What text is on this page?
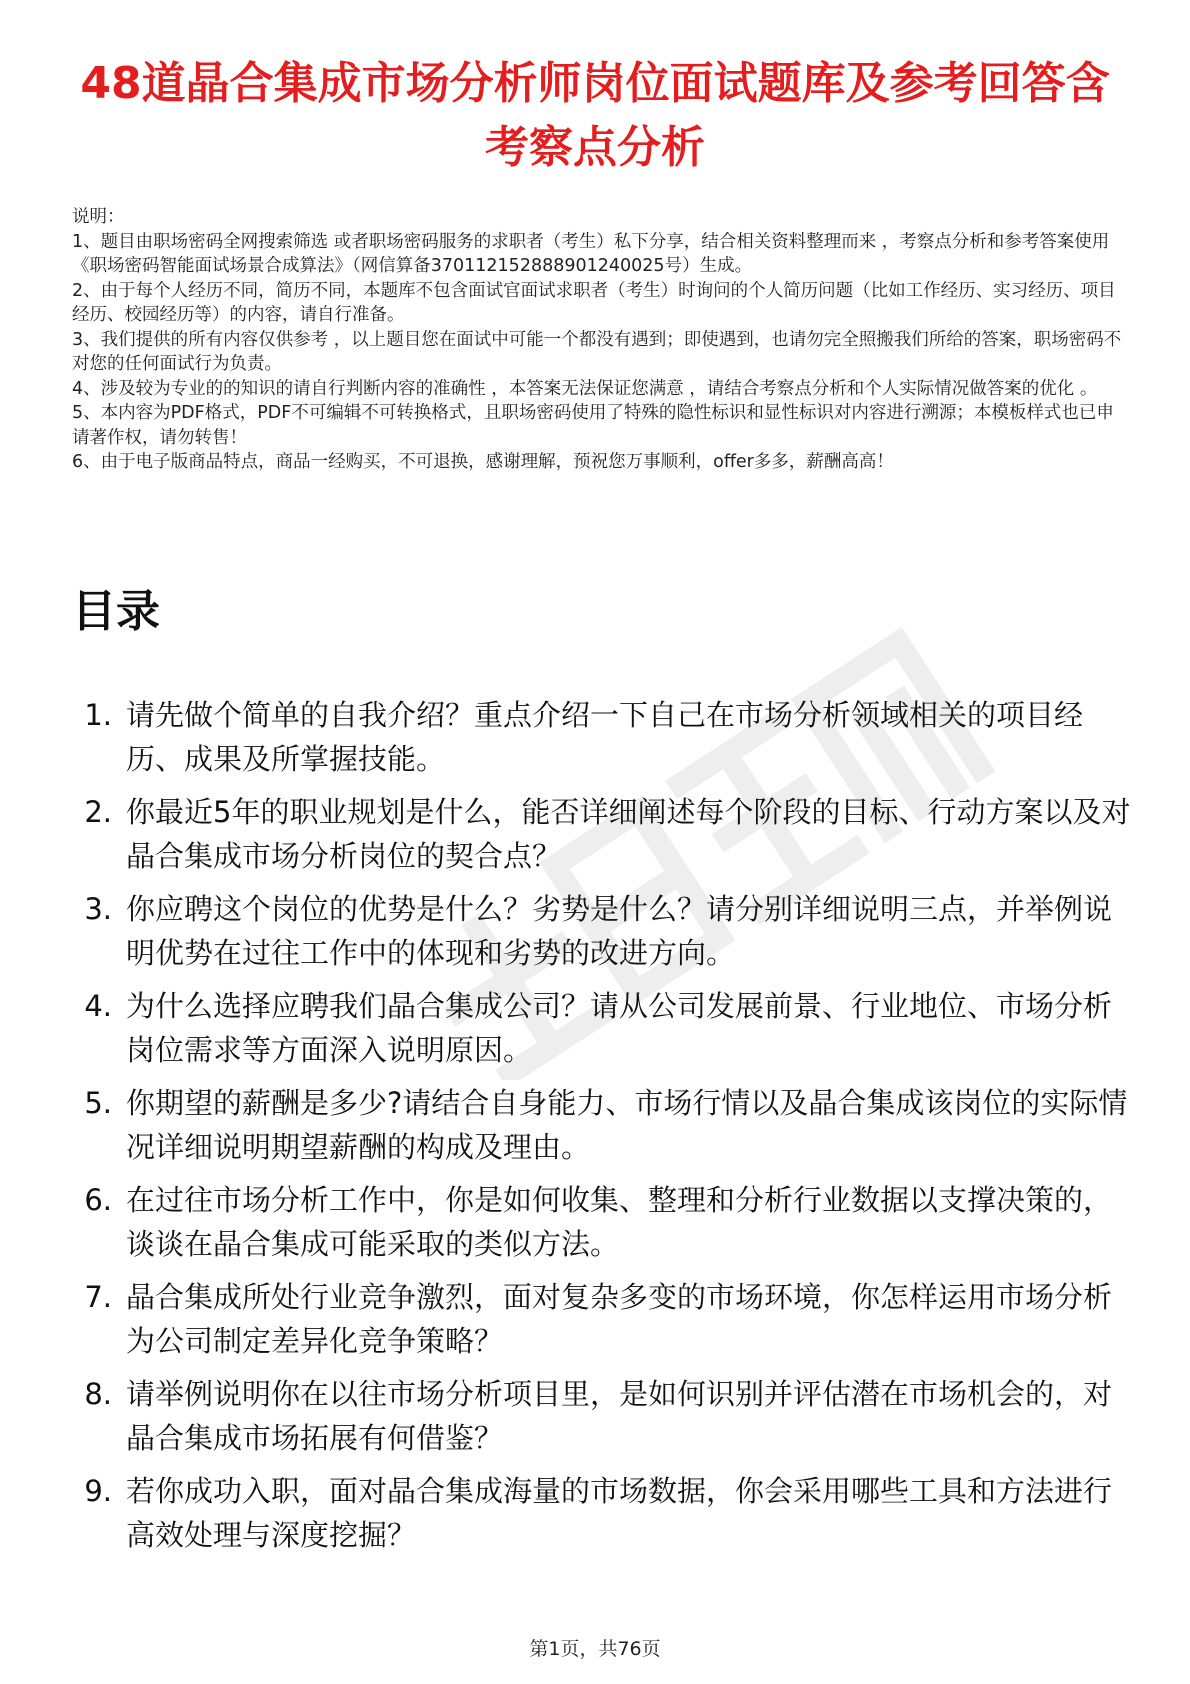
48道晶合集成市场分析师岗位面试题库及参考回答含考察点分析

说明：

1、题目由职场密码全网搜索筛选 或者职场密码服务的求职者（考生）私下分享，结合相关资料整理而来 ，考察点分析和参考答案使用《职场密码智能面试场景合成算法》（网信算备370112152888901240025号）生成。

2、由于每个人经历不同，简历不同，本题库不包含面试官面试求职者（考生）时询问的个人简历问题（比如工作经历、实习经历、项目经历、校园经历等）的内容，请自行准备。

3、我们提供的所有内容仅供参考 ，以上题目您在面试中可能一个都没有遇到；即使遇到，也请勿完全照搬我们所给的答案，职场密码不对您的任何面试行为负责。

4、涉及较为专业的的知识的请自行判断内容的准确性 ，本答案无法保证您满意 ，请结合考察点分析和个人实际情况做答案的优化 。

5、本内容为PDF格式，PDF不可编辑不可转换格式，且职场密码使用了特殊的隐性标识和显性标识对内容进行溯源；本模板样式也已申请著作权，请勿转售！

6、由于电子版商品特点，商品一经购买，不可退换，感谢理解，预祝您万事顺利，offer多多，薪酬高高！

目录
1. 请先做个简单的自我介绍？重点介绍一下自己在市场分析领域相关的项目经历、成果及所掌握技能。
2. 你最近5年的职业规划是什么，能否详细阐述每个阶段的目标、行动方案以及对晶合集成市场分析岗位的契合点？
3. 你应聘这个岗位的优势是什么？劣势是什么？请分别详细说明三点，并举例说明优势在过往工作中的体现和劣势的改进方向。
4. 为什么选择应聘我们晶合集成公司？请从公司发展前景、行业地位、市场分析岗位需求等方面深入说明原因。
5. 你期望的薪酬是多少?请结合自身能力、市场行情以及晶合集成该岗位的实际情况详细说明期望薪酬的构成及理由。
6. 在过往市场分析工作中，你是如何收集、整理和分析行业数据以支撑决策的，谈谈在晶合集成可能采取的类似方法。
7. 晶合集成所处行业竞争激烈，面对复杂多变的市场环境，你怎样运用市场分析为公司制定差异化竞争策略？
8. 请举例说明你在以往市场分析项目里，是如何识别并评估潜在市场机会的，对晶合集成市场拓展有何借鉴？
9. 若你成功入职，面对晶合集成海量的市场数据，你会采用哪些工具和方法进行高效处理与深度挖掘？
第1页，共76页
